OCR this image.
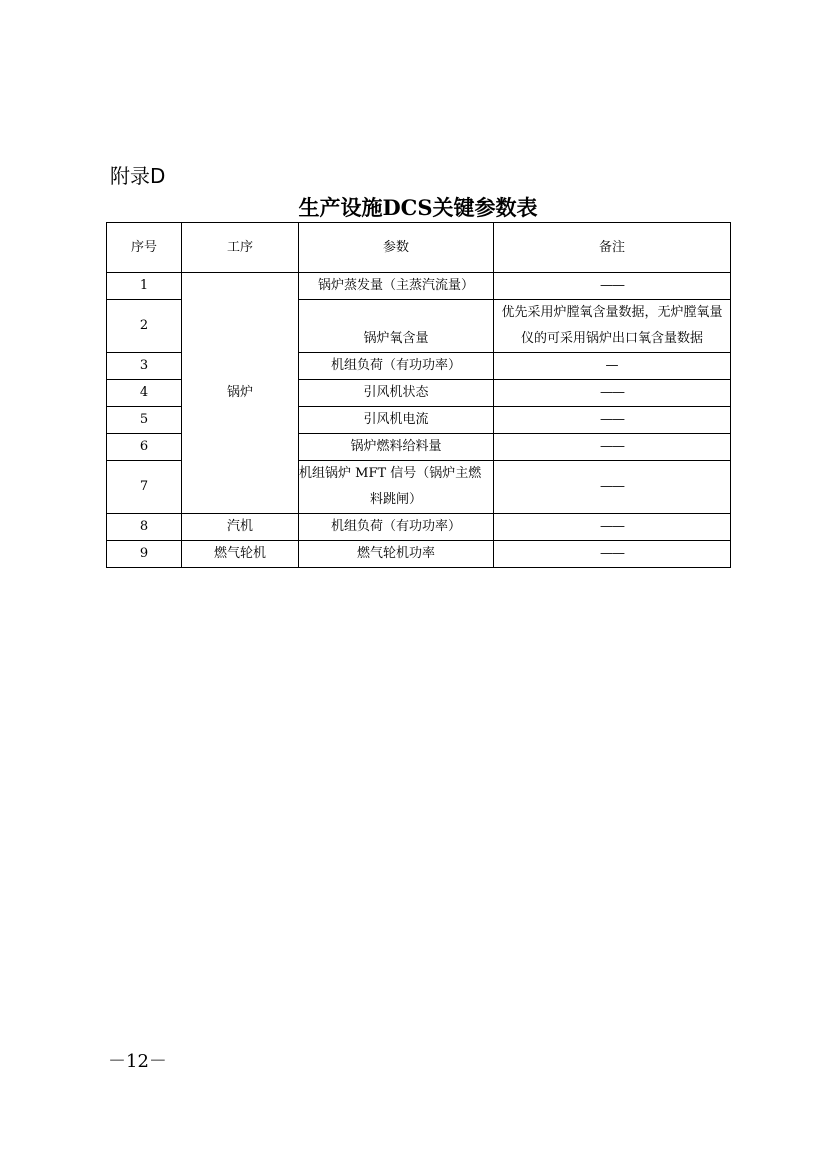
附录D
生产设施DCS关键参数表
序号	工序	参数	备注
1	锅炉	锅炉蒸发量（主蒸汽流量）	——
2		锅炉氧含量	优先采用炉膛氧含量数据，无炉膛氧量
仪的可采用锅炉出口氧含量数据

3		机组负荷（有功功率）	—
4		引风机状态	——
5		引风机电流	——
6		锅炉燃料给料量	——
7		机组锅炉 MFT 信号（锅炉主燃
料跳闸）	——
8	汽机	机组负荷（有功功率）	——
9	燃气轮机	燃气轮机功率	——
－12－
